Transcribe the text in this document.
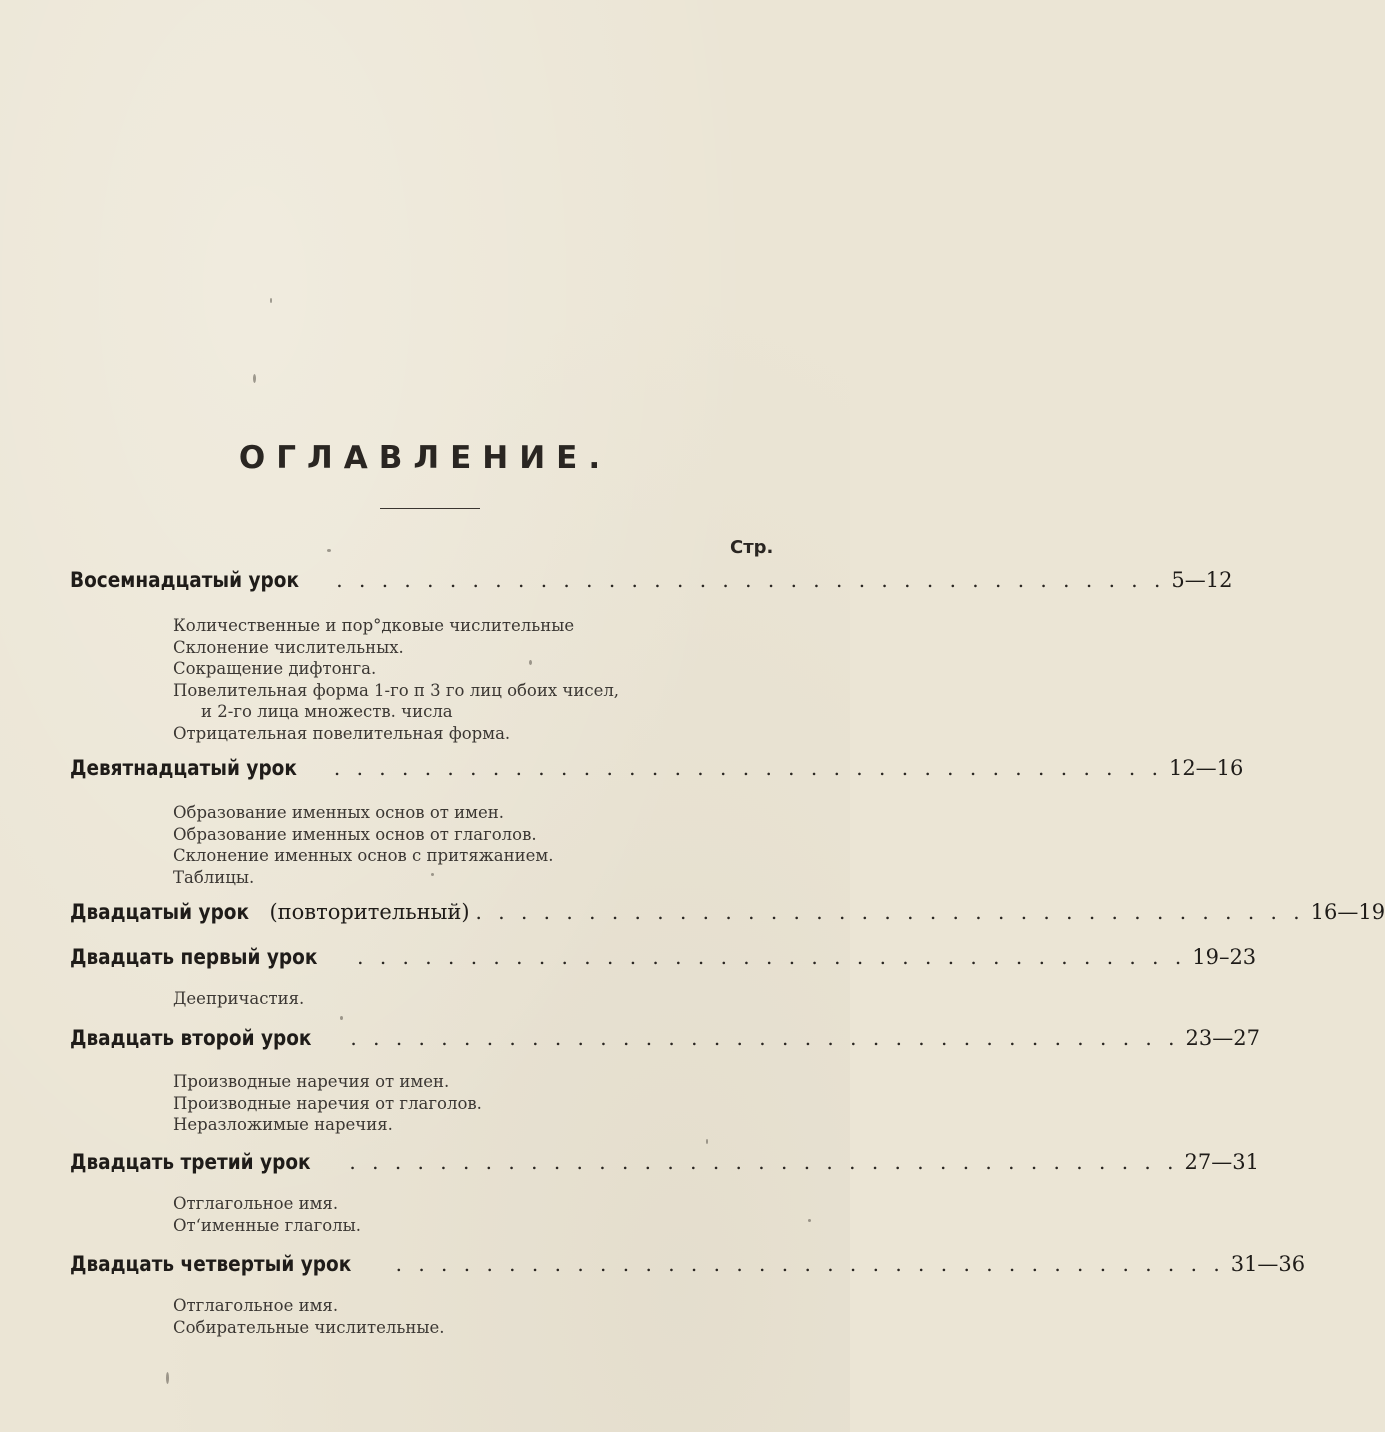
ОГЛАВЛЕНИЕ.
Стр.
Восемнадцатый урок	. . . . . . . . . . . . . . . . . . . . . . . . . . . . . . . . . . . . . 5—12
Количественные и пор°дковые числительные
Склонение числительных.
Сокращение дифтонга.
Повелительная форма 1-го п 3 го лиц обоих чисел,
и 2-го лица множеств. числа
Отрицательная повелительная форма.
Девятнадцатый урок	. . . . . . . . . . . . . . . . . . . . . . . . . . . . . . . . . . . . . 12—16
Образование именных основ от имен.
Образование именных основ от глаголов.
Склонение именных основ с притяжанием.
Таблицы.
Двадцатый урок (повторительный) . . . . . . . . . . . . . . . . . . . . . . . . . . . . . . . . . . . . . 16—19
Двадцать первый урок	. . . . . . . . . . . . . . . . . . . . . . . . . . . . . . . . . . . . . 19–23
Деепричастия.
Двадцать второй урок	. . . . . . . . . . . . . . . . . . . . . . . . . . . . . . . . . . . . . 23—27
Производные наречия от имен.
Производные наречия от глаголов.
Неразложимые наречия.
Двадцать третий урок	. . . . . . . . . . . . . . . . . . . . . . . . . . . . . . . . . . . . . 27—31
Отглагольное имя.
От‘именные глаголы.
Двадцать четвертый урок	. . . . . . . . . . . . . . . . . . . . . . . . . . . . . . . . . . . . . 31—36
Отглагольное имя.
Собирательные числительные.
